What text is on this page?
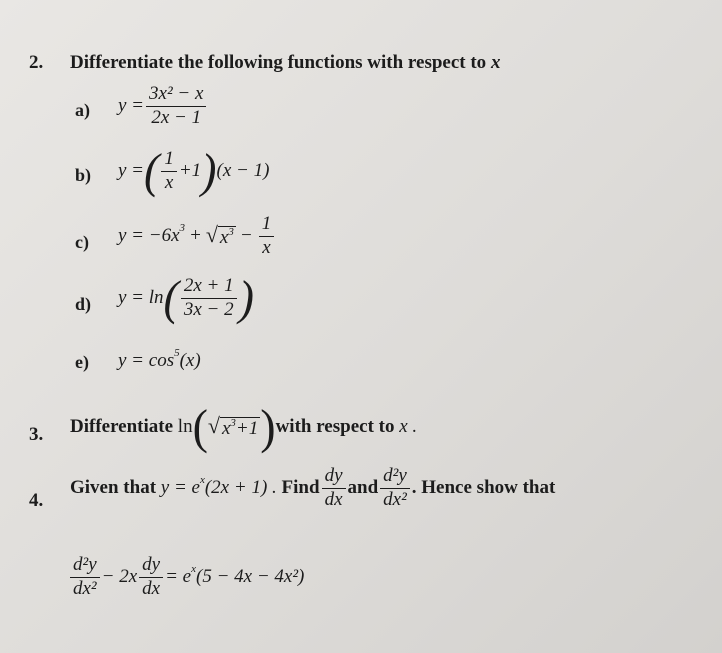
2. Differentiate the following functions with respect to x
a) $y = \frac{\text{3x² − x}}{2x - 1}$
b) y = ( $\frac{1}{x} +1$ ) (x − 1)
c) y = −6x 3 + √ $x^3 - \frac{1}{x}$
d) y = ln ( $\frac{2x + 1}{3x - 2}$ )
e) y = cos 5 (x)
3. Differentiate
ln ( √ $x^3+1$ ) with respect to
x .
4.
Given that
y = e x (2x + 1) .
Find $\frac{dy}{dx}$ and $\frac{\text{d²y}}{\text{dx²}}$ . Hence show that
$\frac{\text{d²y}}{\text{dx²}} - 2x \frac{dy}{dx} = e$ x (5 − 4x − 4x²)
